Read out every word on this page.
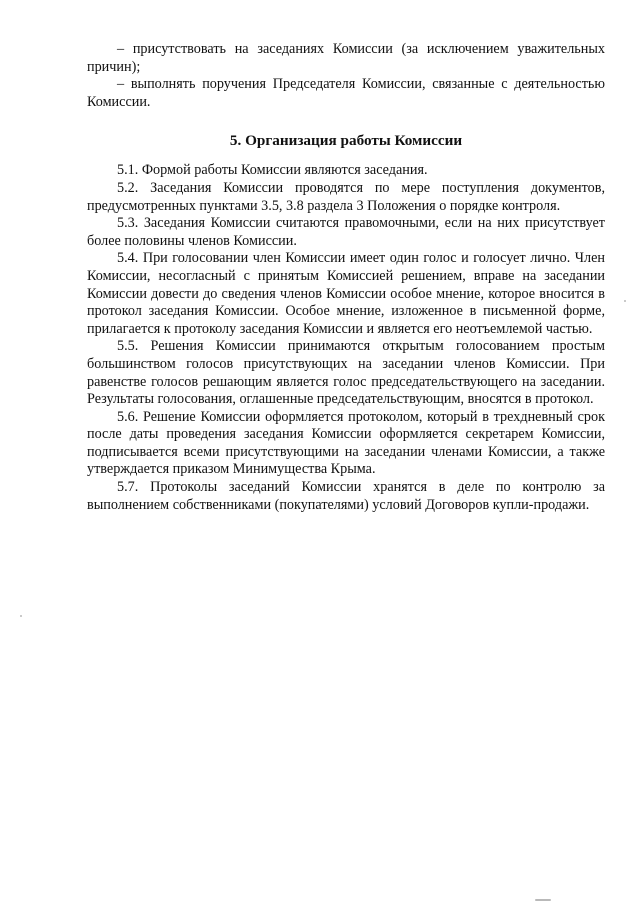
– присутствовать на заседаниях Комиссии (за исключением уважительных причин);

– выполнять поручения Председателя Комиссии, связанные с деятельностью Комиссии.

5. Организация работы Комиссии

5.1. Формой работы Комиссии являются заседания.

5.2. Заседания Комиссии проводятся по мере поступления документов, предусмотренных пунктами 3.5, 3.8 раздела 3 Положения о порядке контроля.

5.3. Заседания Комиссии считаются правомочными, если на них присутствует более половины членов Комиссии.

5.4. При голосовании член Комиссии имеет один голос и голосует лично. Член Комиссии, несогласный с принятым Комиссией решением, вправе на заседании Комиссии довести до сведения членов Комиссии особое мнение, которое вносится в протокол заседания Комиссии. Особое мнение, изложенное в письменной форме, прилагается к протоколу заседания Комиссии и является его неотъемлемой частью.

5.5. Решения Комиссии принимаются открытым голосованием простым большинством голосов присутствующих на заседании членов Комиссии. При равенстве голосов решающим является голос председательствующего на заседании. Результаты голосования, оглашенные председательствующим, вносятся в протокол.

5.6. Решение Комиссии оформляется протоколом, который в трехдневный срок после даты проведения заседания Комиссии оформляется секретарем Комиссии, подписывается всеми присутствующими на заседании членами Комиссии, а также утверждается приказом Минимущества Крыма.

5.7. Протоколы заседаний Комиссии хранятся в деле по контролю за выполнением собственниками (покупателями) условий Договоров купли-продажи.
